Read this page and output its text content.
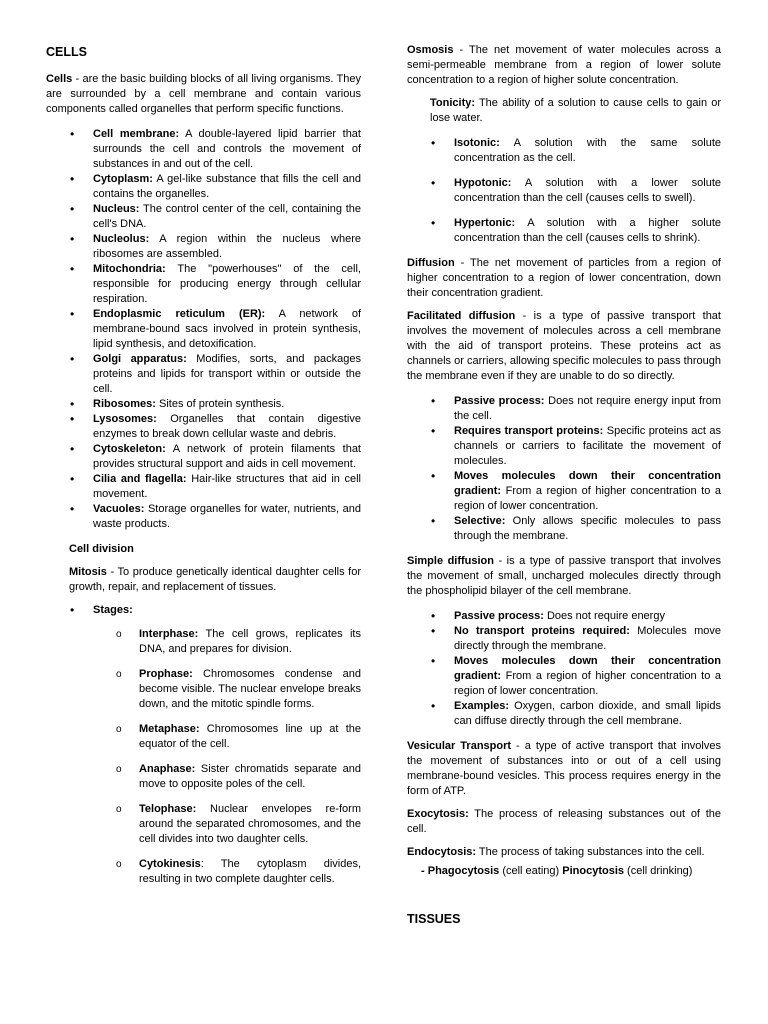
CELLS

Cells - are the basic building blocks of all living organisms. They are surrounded by a cell membrane and contain various components called organelles that perform specific functions.

• Cell membrane: A double-layered lipid barrier that surrounds the cell and controls the movement of substances in and out of the cell.
• Cytoplasm: A gel-like substance that fills the cell and contains the organelles.
• Nucleus: The control center of the cell, containing the cell's DNA.
• Nucleolus: A region within the nucleus where ribosomes are assembled.
• Mitochondria: The "powerhouses" of the cell, responsible for producing energy through cellular respiration.
• Endoplasmic reticulum (ER): A network of membrane-bound sacs involved in protein synthesis, lipid synthesis, and detoxification.
• Golgi apparatus: Modifies, sorts, and packages proteins and lipids for transport within or outside the cell.
• Ribosomes: Sites of protein synthesis.
• Lysosomes: Organelles that contain digestive enzymes to break down cellular waste and debris.
• Cytoskeleton: A network of protein filaments that provides structural support and aids in cell movement.
• Cilia and flagella: Hair-like structures that aid in cell movement.
• Vacuoles: Storage organelles for water, nutrients, and waste products.

Cell division

Mitosis - To produce genetically identical daughter cells for growth, repair, and replacement of tissues.

• Stages:
o Interphase: The cell grows, replicates its DNA, and prepares for division.
o Prophase: Chromosomes condense and become visible. The nuclear envelope breaks down, and the mitotic spindle forms.
o Metaphase: Chromosomes line up at the equator of the cell.
o Anaphase: Sister chromatids separate and move to opposite poles of the cell.
o Telophase: Nuclear envelopes re-form around the separated chromosomes, and the cell divides into two daughter cells.
o Cytokinesis: The cytoplasm divides, resulting in two complete daughter cells.

Osmosis - The net movement of water molecules across a semi-permeable membrane from a region of lower solute concentration to a region of higher solute concentration.

Tonicity: The ability of a solution to cause cells to gain or lose water.

• Isotonic: A solution with the same solute concentration as the cell.
• Hypotonic: A solution with a lower solute concentration than the cell (causes cells to swell).
• Hypertonic: A solution with a higher solute concentration than the cell (causes cells to shrink).

Diffusion - The net movement of particles from a region of higher concentration to a region of lower concentration, down their concentration gradient.

Facilitated diffusion - is a type of passive transport that involves the movement of molecules across a cell membrane with the aid of transport proteins. These proteins act as channels or carriers, allowing specific molecules to pass through the membrane even if they are unable to do so directly.

• Passive process: Does not require energy input from the cell.
• Requires transport proteins: Specific proteins act as channels or carriers to facilitate the movement of molecules.
• Moves molecules down their concentration gradient: From a region of higher concentration to a region of lower concentration.
• Selective: Only allows specific molecules to pass through the membrane.

Simple diffusion - is a type of passive transport that involves the movement of small, uncharged molecules directly through the phospholipid bilayer of the cell membrane.

• Passive process: Does not require energy
• No transport proteins required: Molecules move directly through the membrane.
• Moves molecules down their concentration gradient: From a region of higher concentration to a region of lower concentration.
• Examples: Oxygen, carbon dioxide, and small lipids can diffuse directly through the cell membrane.

Vesicular Transport - a type of active transport that involves the movement of substances into or out of a cell using membrane-bound vesicles. This process requires energy in the form of ATP.

Exocytosis: The process of releasing substances out of the cell.

Endocytosis: The process of taking substances into the cell.

- Phagocytosis (cell eating) Pinocytosis (cell drinking)

TISSUES
